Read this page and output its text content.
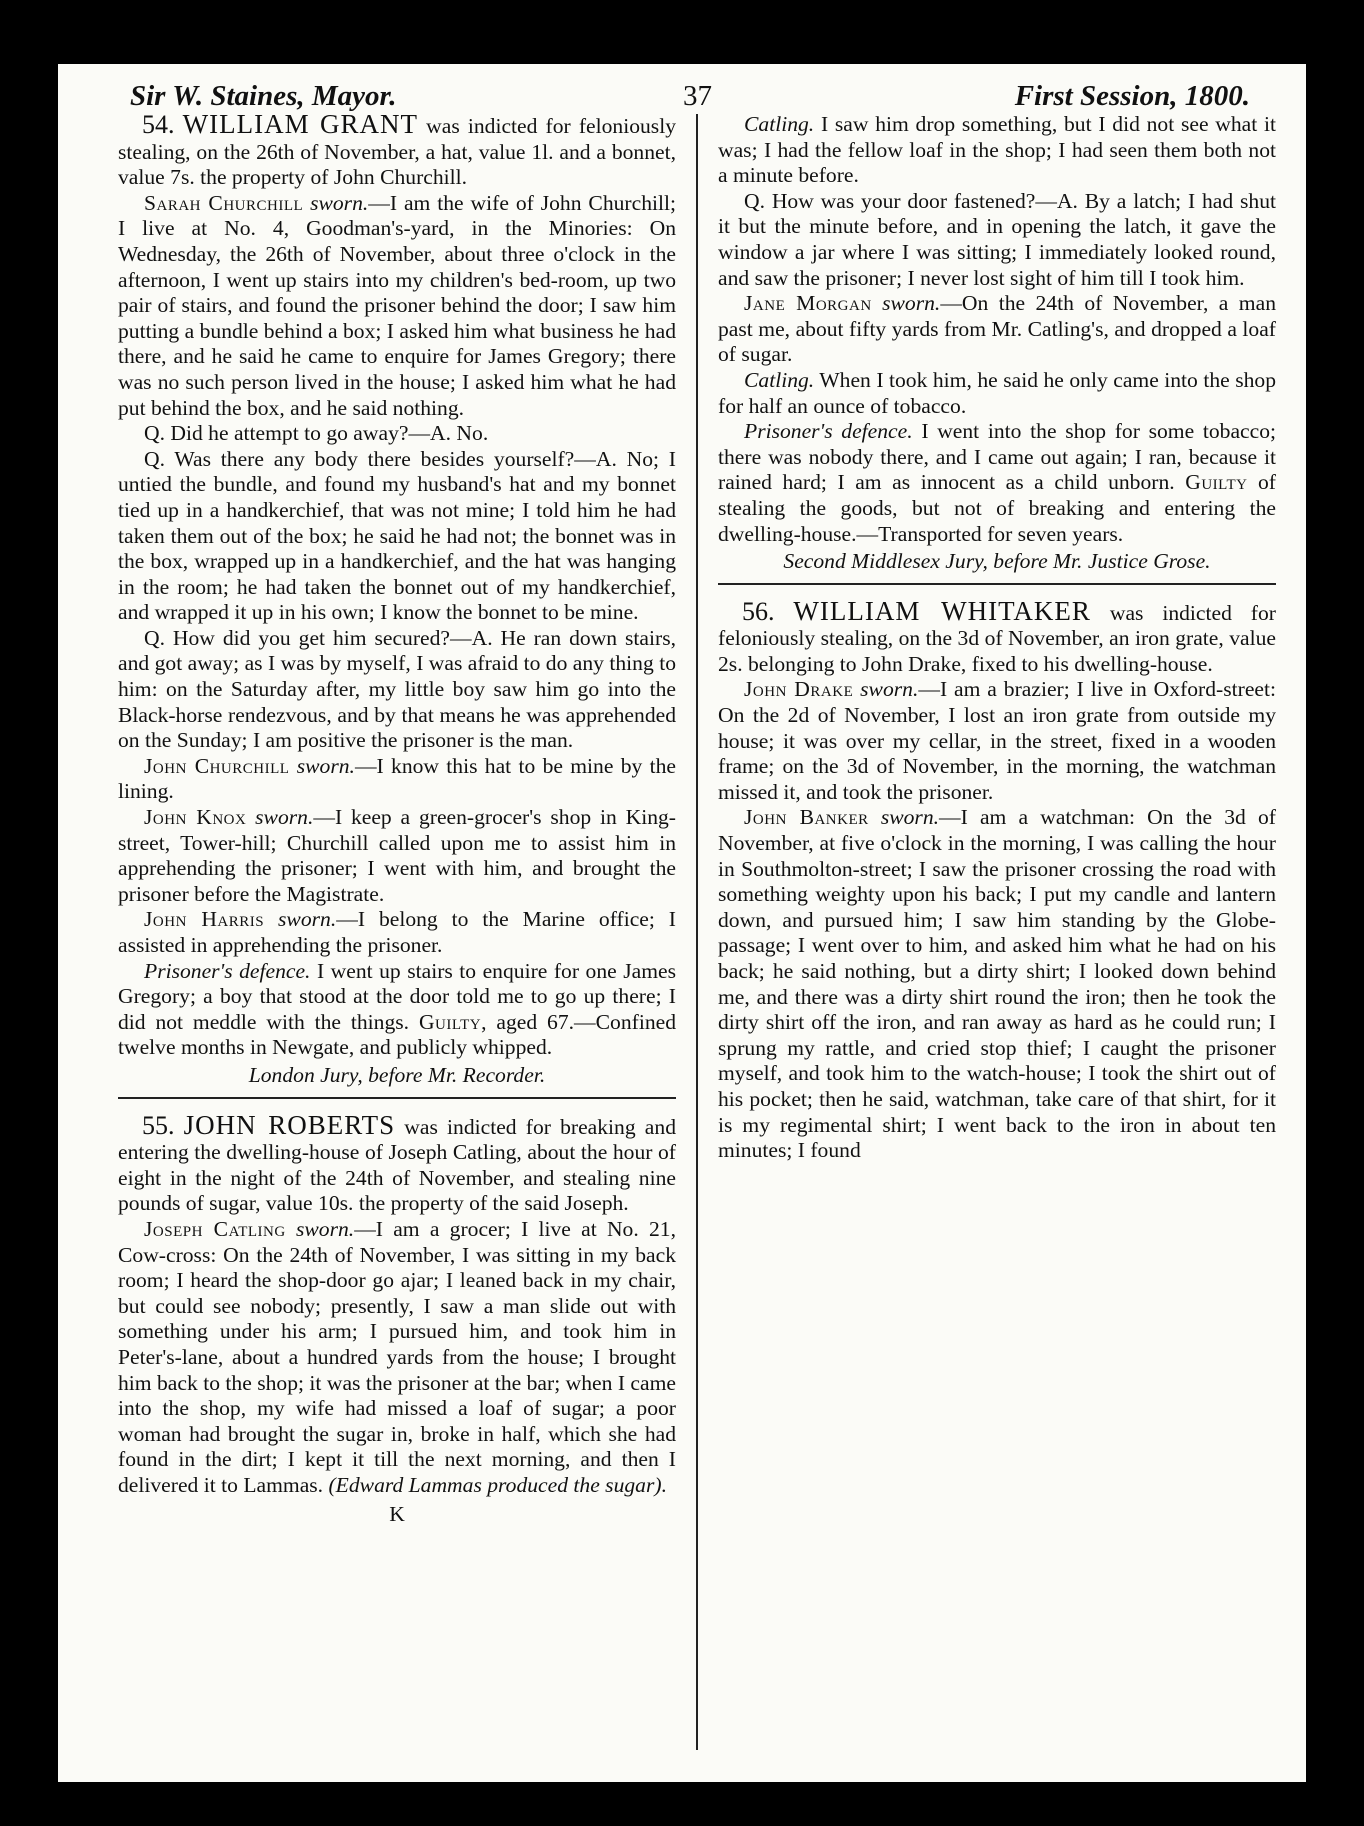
Sir W. Staines, Mayor.	37	First Session, 1800.

54. WILLIAM GRANT was indicted for feloniously stealing, on the 26th of November, a hat, value 1l. and a bonnet, value 7s. the property of John Churchill.

Sarah Churchill sworn.—I am the wife of John Churchill; I live at No. 4, Goodman's-yard, in the Minories: On Wednesday, the 26th of November, about three o'clock in the afternoon, I went up stairs into my children's bed-room, up two pair of stairs, and found the prisoner behind the door; I saw him putting a bundle behind a box; I asked him what business he had there, and he said he came to enquire for James Gregory; there was no such person lived in the house; I asked him what he had put behind the box, and he said nothing.

Q. Did he attempt to go away?—A. No.

Q. Was there any body there besides yourself?—A. No; I untied the bundle, and found my husband's hat and my bonnet tied up in a handkerchief, that was not mine; I told him he had taken them out of the box; he said he had not; the bonnet was in the box, wrapped up in a handkerchief, and the hat was hanging in the room; he had taken the bonnet out of my handkerchief, and wrapped it up in his own; I know the bonnet to be mine.

Q. How did you get him secured?—A. He ran down stairs, and got away; as I was by myself, I was afraid to do any thing to him: on the Saturday after, my little boy saw him go into the Black-horse rendezvous, and by that means he was apprehended on the Sunday; I am positive the prisoner is the man.

John Churchill sworn.—I know this hat to be mine by the lining.

John Knox sworn.—I keep a green-grocer's shop in King-street, Tower-hill; Churchill called upon me to assist him in apprehending the prisoner; I went with him, and brought the prisoner before the Magistrate.

John Harris sworn.—I belong to the Marine office; I assisted in apprehending the prisoner.

Prisoner's defence. I went up stairs to enquire for one James Gregory; a boy that stood at the door told me to go up there; I did not meddle with the things. Guilty, aged 67.—Confined twelve months in Newgate, and publicly whipped.

London Jury, before Mr. Recorder.

55. JOHN ROBERTS was indicted for breaking and entering the dwelling-house of Joseph Catling, about the hour of eight in the night of the 24th of November, and stealing nine pounds of sugar, value 10s. the property of the said Joseph.

Joseph Catling sworn.—I am a grocer; I live at No. 21, Cow-cross: On the 24th of November, I was sitting in my back room; I heard the shop-door go ajar; I leaned back in my chair, but could see nobody; presently, I saw a man slide out with something under his arm; I pursued him, and took him in Peter's-lane, about a hundred yards from the house; I brought him back to the shop; it was the prisoner at the bar; when I came into the shop, my wife had missed a loaf of sugar; a poor woman had brought the sugar in, broke in half, which she had found in the dirt; I kept it till the next morning, and then I delivered it to Lammas. (Edward Lammas produced the sugar).

K

Catling. I saw him drop something, but I did not see what it was; I had the fellow loaf in the shop; I had seen them both not a minute before.

Q. How was your door fastened?—A. By a latch; I had shut it but the minute before, and in opening the latch, it gave the window a jar where I was sitting; I immediately looked round, and saw the prisoner; I never lost sight of him till I took him.

Jane Morgan sworn.—On the 24th of November, a man past me, about fifty yards from Mr. Catling's, and dropped a loaf of sugar.

Catling. When I took him, he said he only came into the shop for half an ounce of tobacco.

Prisoner's defence. I went into the shop for some tobacco; there was nobody there, and I came out again; I ran, because it rained hard; I am as innocent as a child unborn. Guilty of stealing the goods, but not of breaking and entering the dwelling-house.—Transported for seven years.

Second Middlesex Jury, before Mr. Justice Grose.

56. WILLIAM WHITAKER was indicted for feloniously stealing, on the 3d of November, an iron grate, value 2s. belonging to John Drake, fixed to his dwelling-house.

John Drake sworn.—I am a brazier; I live in Oxford-street: On the 2d of November, I lost an iron grate from outside my house; it was over my cellar, in the street, fixed in a wooden frame; on the 3d of November, in the morning, the watchman missed it, and took the prisoner.

John Banker sworn.—I am a watchman: On the 3d of November, at five o'clock in the morning, I was calling the hour in Southmolton-street; I saw the prisoner crossing the road with something weighty upon his back; I put my candle and lantern down, and pursued him; I saw him standing by the Globe-passage; I went over to him, and asked him what he had on his back; he said nothing, but a dirty shirt; I looked down behind me, and there was a dirty shirt round the iron; then he took the dirty shirt off the iron, and ran away as hard as he could run; I sprung my rattle, and cried stop thief; I caught the prisoner myself, and took him to the watch-house; I took the shirt out of his pocket; then he said, watchman, take care of that shirt, for it is my regimental shirt; I went back to the iron in about ten minutes; I found
